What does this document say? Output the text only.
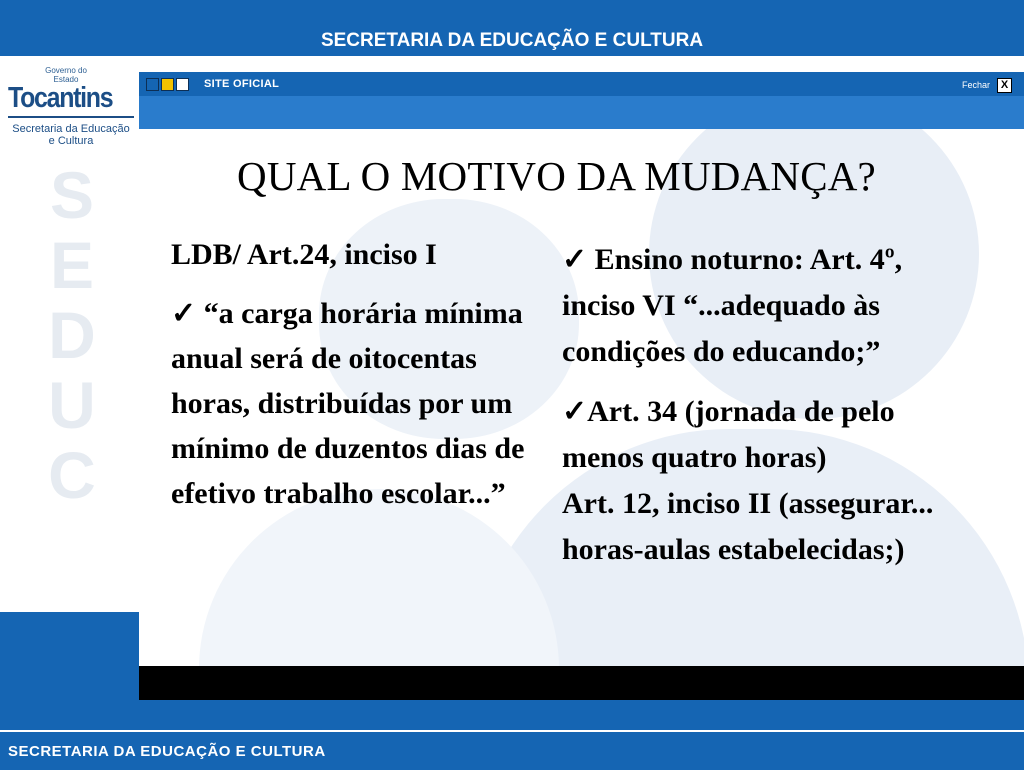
SECRETARIA DA EDUCAÇÃO E CULTURA
Governo do Estado
Tocantins
Secretaria da Educação
e Cultura
S
E
D
U
C
SITE OFICIAL	Fechar X
QUAL O MOTIVO DA MUDANÇA?

LDB/ Art.24, inciso I

✓ “a carga horária mínima anual será de oitocentas horas, distribuídas por um mínimo de duzentos dias de efetivo trabalho escolar...”

✓ Ensino noturno: Art. 4º, inciso VI “...adequado às condições do educando;”

✓Art. 34 (jornada de pelo menos quatro horas)

Art. 12, inciso II (assegurar... horas-aulas estabelecidas;)

SECRETARIA DA EDUCAÇÃO E CULTURA
